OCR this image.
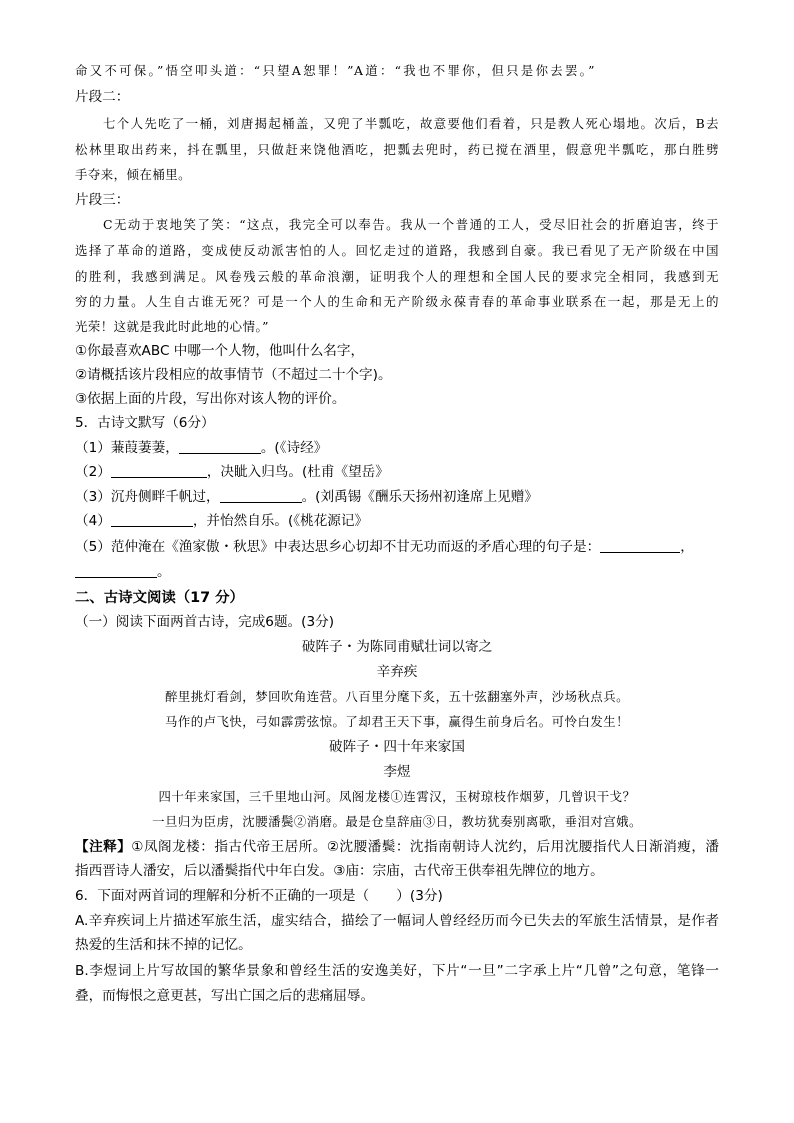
命又不可保。”悟空叩头道：“只望A恕罪！”A道：“我也不罪你，但只是你去罢。”
片段二：
七个人先吃了一桶，刘唐揭起桶盖，又兜了半瓢吃，故意要他们看着，只是教人死心塌地。次后，B去
松林里取出药来，抖在瓢里，只做赶来饶他酒吃，把瓢去兜时，药已搅在酒里，假意兜半瓢吃，那白胜劈
手夺来，倾在桶里。
片段三：
C无动于衷地笑了笑：“这点，我完全可以奉告。我从一个普通的工人，受尽旧社会的折磨迫害，终于
选择了革命的道路，变成使反动派害怕的人。回忆走过的道路，我感到自豪。我已看见了无产阶级在中国
的胜利，我感到满足。风卷残云般的革命浪潮，证明我个人的理想和全国人民的要求完全相同，我感到无
穷的力量。人生自古谁无死？可是一个人的生命和无产阶级永葆青春的革命事业联系在一起，那是无上的
光荣！这就是我此时此地的心情。”
①你最喜欢ABC 中哪一个人物，他叫什么名字，
②请概括该片段相应的故事情节（不超过二十个字)。
③依据上面的片段，写出你对该人物的评价。
5．古诗文默写（6分）
（1）蒹葭萋萋，	。(《诗经》
（2）	，决眦入归鸟。(杜甫《望岳》
（3）沉舟侧畔千帆过，	。(刘禹锡《酬乐天扬州初逢席上见赠》
（4）	，并怡然自乐。(《桃花源记》
（5）范仲淹在《渔家傲・秋思》中表达思乡心切却不甘无功而返的矛盾心理的句子是：	，
。
二、古诗文阅读（17 分）
（一）阅读下面两首古诗，完成6题。(3分)
破阵子・为陈同甫赋壮词以寄之
辛弃疾
醉里挑灯看剑，梦回吹角连营。八百里分麾下炙，五十弦翻塞外声，沙场秋点兵。
马作的卢飞快，弓如霹雳弦惊。了却君王天下事，赢得生前身后名。可怜白发生！
破阵子・四十年来家国
李煜
四十年来家国，三千里地山河。凤阁龙楼①连霄汉，玉树琼枝作烟萝，几曾识干戈？
一旦归为臣虏，沈腰潘鬓②消磨。最是仓皇辞庙③日，教坊犹奏别离歌，垂泪对宫娥。
【注释】①凤阁龙楼：指古代帝王居所。②沈腰潘鬓：沈指南朝诗人沈约，后用沈腰指代人日渐消瘦，潘
指西晋诗人潘安，后以潘鬓指代中年白发。③庙：宗庙，古代帝王供奉祖先牌位的地方。
6．下面对两首词的理解和分析不正确的一项是（　　）(3分)
A.辛弃疾词上片描述军旅生活，虚实结合，描绘了一幅词人曾经经历而今已失去的军旅生活情景，是作者
热爱的生活和抹不掉的记忆。
B.李煜词上片写故国的繁华景象和曾经生活的安逸美好，下片“一旦”二字承上片“几曾”之句意，笔锋一
叠，而悔恨之意更甚，写出亡国之后的悲痛屈辱。
